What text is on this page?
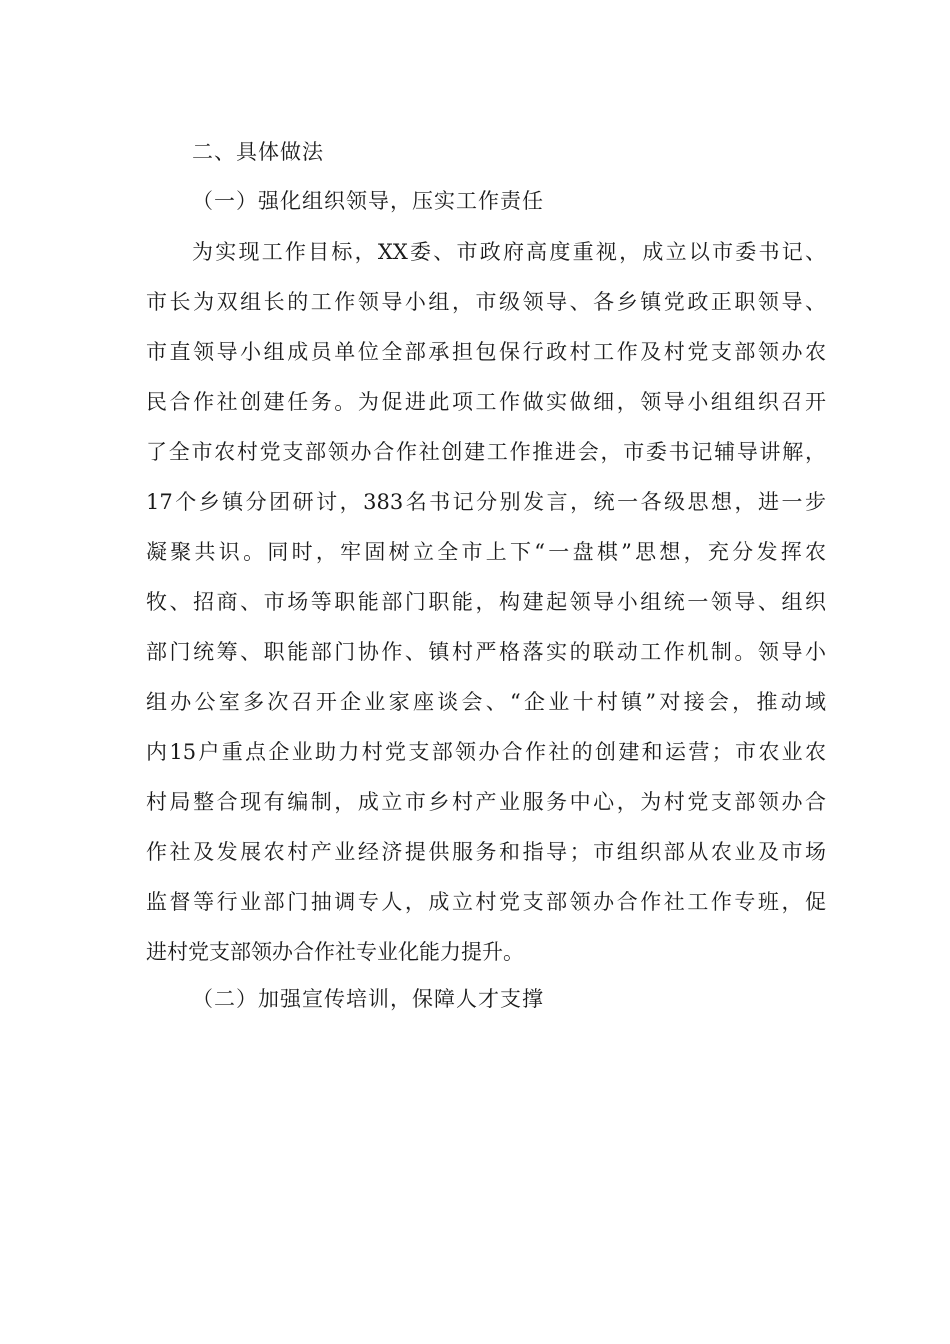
二、具体做法
（一）强化组织领导，压实工作责任
为实现工作目标，XX委、市政府高度重视，成立以市委书记、
市长为双组长的工作领导小组，市级领导、各乡镇党政正职领导、
市直领导小组成员单位全部承担包保行政村工作及村党支部领办农
民合作社创建任务。为促进此项工作做实做细，领导小组组织召开
了全市农村党支部领办合作社创建工作推进会，市委书记辅导讲解，
17个乡镇分团研讨，383名书记分别发言，统一各级思想，进一步
凝聚共识。同时，牢固树立全市上下“一盘棋”思想，充分发挥农
牧、招商、市场等职能部门职能，构建起领导小组统一领导、组织
部门统筹、职能部门协作、镇村严格落实的联动工作机制。领导小
组办公室多次召开企业家座谈会、“企业十村镇”对接会，推动域
内15户重点企业助力村党支部领办合作社的创建和运营；市农业农
村局整合现有编制，成立市乡村产业服务中心，为村党支部领办合
作社及发展农村产业经济提供服务和指导；市组织部从农业及市场
监督等行业部门抽调专人，成立村党支部领办合作社工作专班，促
进村党支部领办合作社专业化能力提升。
（二）加强宣传培训，保障人才支撑
